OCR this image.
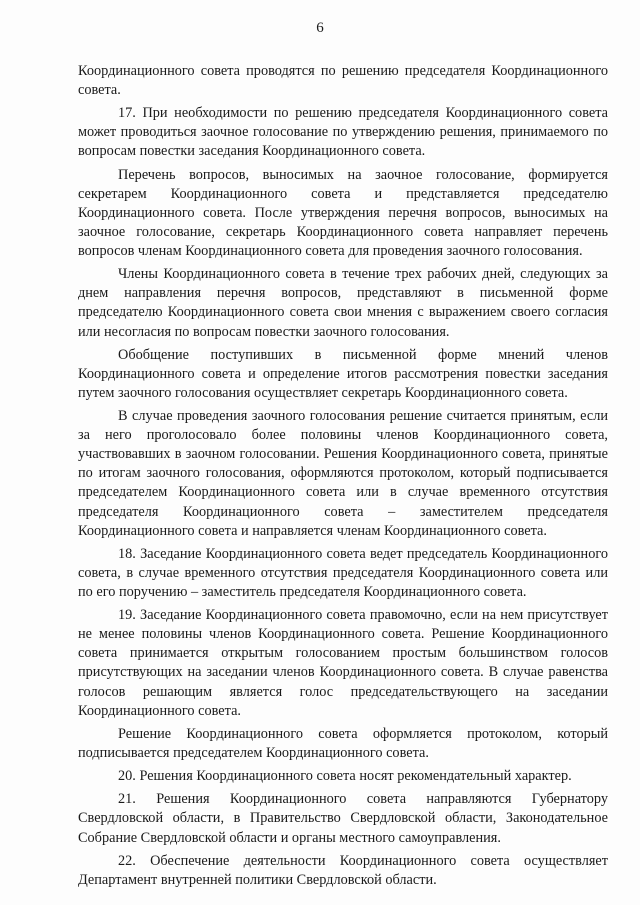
6

Координационного совета проводятся по решению председателя Координационного совета.

17. При необходимости по решению председателя Координационного совета может проводиться заочное голосование по утверждению решения, принимаемого по вопросам повестки заседания Координационного совета.

Перечень вопросов, выносимых на заочное голосование, формируется секретарем Координационного совета и представляется председателю Координационного совета. После утверждения перечня вопросов, выносимых на заочное голосование, секретарь Координационного совета направляет перечень вопросов членам Координационного совета для проведения заочного голосования.

Члены Координационного совета в течение трех рабочих дней, следующих за днем направления перечня вопросов, представляют в письменной форме председателю Координационного совета свои мнения с выражением своего согласия или несогласия по вопросам повестки заочного голосования.

Обобщение поступивших в письменной форме мнений членов Координационного совета и определение итогов рассмотрения повестки заседания путем заочного голосования осуществляет секретарь Координационного совета.

В случае проведения заочного голосования решение считается принятым, если за него проголосовало более половины членов Координационного совета, участвовавших в заочном голосовании. Решения Координационного совета, принятые по итогам заочного голосования, оформляются протоколом, который подписывается председателем Координационного совета или в случае временного отсутствия председателя Координационного совета – заместителем председателя Координационного совета и направляется членам Координационного совета.

18. Заседание Координационного совета ведет председатель Координационного совета, в случае временного отсутствия председателя Координационного совета или по его поручению – заместитель председателя Координационного совета.

19. Заседание Координационного совета правомочно, если на нем присутствует не менее половины членов Координационного совета. Решение Координационного совета принимается открытым голосованием простым большинством голосов присутствующих на заседании членов Координационного совета. В случае равенства голосов решающим является голос председательствующего на заседании Координационного совета.

Решение Координационного совета оформляется протоколом, который подписывается председателем Координационного совета.

20. Решения Координационного совета носят рекомендательный характер.

21. Решения Координационного совета направляются Губернатору Свердловской области, в Правительство Свердловской области, Законодательное Собрание Свердловской области и органы местного самоуправления.

22. Обеспечение деятельности Координационного совета осуществляет Департамент внутренней политики Свердловской области.
